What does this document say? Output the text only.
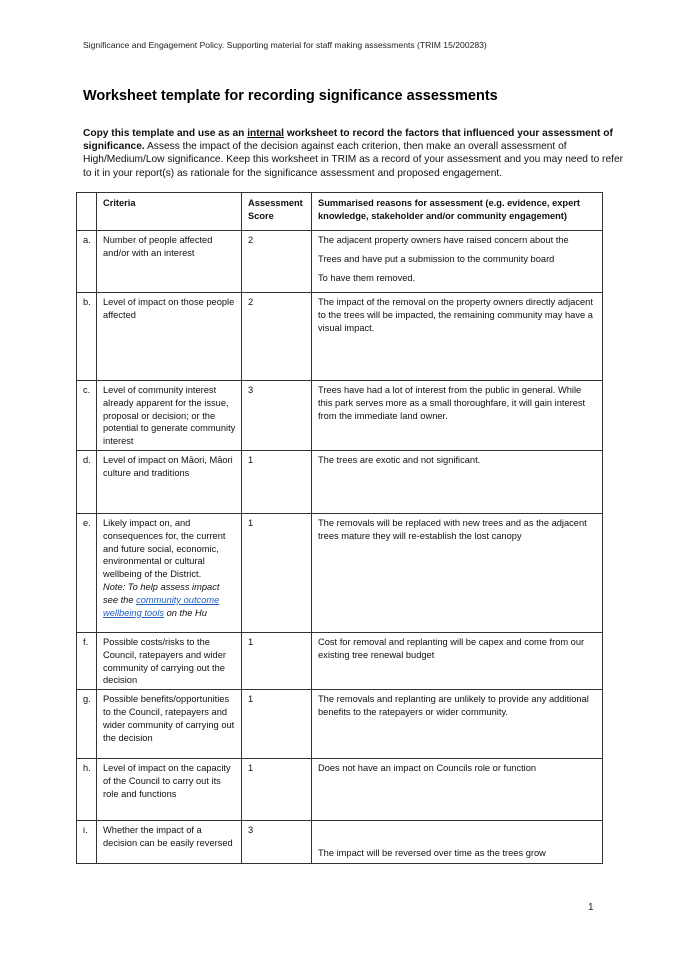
Significance and Engagement Policy. Supporting material for staff making assessments (TRIM 15/200283)
Worksheet template for recording significance assessments
Copy this template and use as an internal worksheet to record the factors that influenced your assessment of significance. Assess the impact of the decision against each criterion, then make an overall assessment of High/Medium/Low significance. Keep this worksheet in TRIM as a record of your assessment and you may need to refer to it in your report(s) as rationale for the significance assessment and proposed engagement.
	Criteria	Assessment Score	Summarised reasons for assessment (e.g. evidence, expert knowledge, stakeholder and/or community engagement)
a.	Number of people affected and/or with an interest	2	The adjacent property owners have raised concern about the
Trees and have put a submission to the community board
To have them removed.

b.	Level of impact on those people affected	2	The impact of the removal on the property owners directly adjacent to the trees will be impacted, the remaining community may have a visual impact.
c.	Level of community interest already apparent for the issue, proposal or decision; or the potential to generate community interest	3	Trees have had a lot of interest from the public in general. While this park serves more as a small thoroughfare, it will gain interest from the immediate land owner.
d.	Level of impact on Māori, Māori culture and traditions	1	The trees are exotic and not significant.
e.	Likely impact on, and consequences for, the current and future social, economic, environmental or cultural wellbeing of the District.
Note: To help assess impact see the community outcome wellbeing tools on the Hu	1	The removals will be replaced with new trees and as the adjacent trees mature they will re-establish the lost canopy
f.	Possible costs/risks to the Council, ratepayers and wider community of carrying out the decision	1	Cost for removal and replanting will be capex and come from our existing tree renewal budget
g.	Possible benefits/opportunities to the Council, ratepayers and wider community of carrying out the decision	1	The removals and replanting are unlikely to provide any additional benefits to the ratepayers or wider community.
h.	Level of impact on the capacity of the Council to carry out its role and functions	1	Does not have an impact on Councils role or function
i.	Whether the impact of a decision can be easily reversed	3	The impact will be reversed over time as the trees grow
1
